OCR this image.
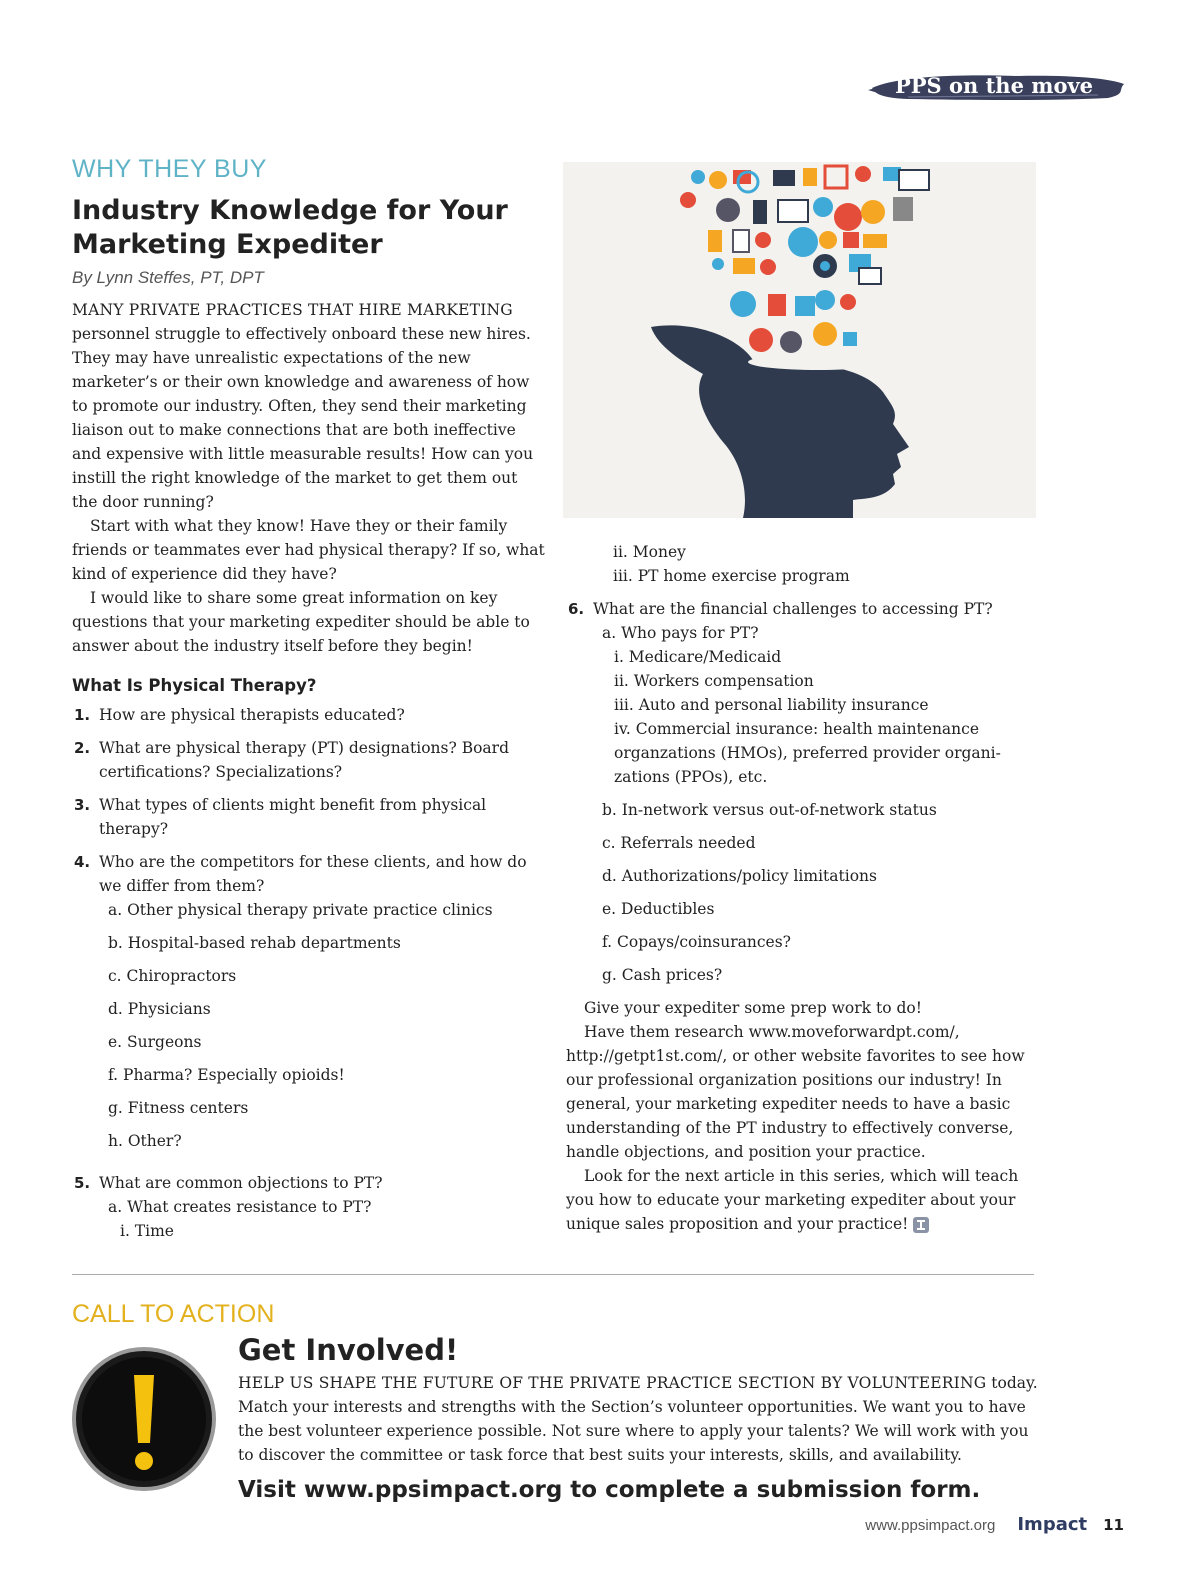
PPS on the move
WHY THEY BUY
Industry Knowledge for Your Marketing Expediter
By Lynn Steffes, PT, DPT

MANY PRIVATE PRACTICES THAT HIRE MARKETING personnel struggle to effectively onboard these new hires. They may have unrealistic expectations of the new marketer’s or their own knowledge and awareness of how to promote our industry. Often, they send their marketing liaison out to make connections that are both ineffective and expensive with little measurable results! How can you instill the right knowledge of the market to get them out the door running?

Start with what they know! Have they or their family friends or teammates ever had physical therapy? If so, what kind of experience did they have?

I would like to share some great information on key questions that your marketing expediter should be able to answer about the industry itself before they begin!

What Is Physical Therapy?
1. How are physical therapists educated?
2. What are physical therapy (PT) designations? Board certifications? Specializations?
3. What types of clients might benefit from physical therapy?
4. Who are the competitors for these clients, and how do we differ from them?
a. Other physical therapy private practice clinics
b. Hospital-based rehab departments
c. Chiropractors
d. Physicians
e. Surgeons
f. Pharma? Especially opioids!
g. Fitness centers
h. Other?
5. What are common objections to PT?
a. What creates resistance to PT?
i. Time
ii. Money
iii. PT home exercise program
6. What are the financial challenges to accessing PT?
a. Who pays for PT?
i. Medicare/Medicaid
ii. Workers compensation
iii. Auto and personal liability insurance
iv. Commercial insurance: health maintenance organzations (HMOs), preferred provider organi-zations (PPOs), etc.
b. In-network versus out-of-network status
c. Referrals needed
d. Authorizations/policy limitations
e. Deductibles
f. Copays/coinsurances?
g. Cash prices?

Give your expediter some prep work to do!

Have them research www.moveforwardpt.com/, http://getpt1st.com/, or other website favorites to see how our professional organization positions our industry! In general, your marketing expediter needs to have a basic understanding of the PT industry to effectively converse, handle objections, and position your practice.

Look for the next article in this series, which will teach you how to educate your marketing expediter about your unique sales proposition and your practice!

CALL TO ACTION
Get Involved!

HELP US SHAPE THE FUTURE OF THE PRIVATE PRACTICE SECTION BY VOLUNTEERING today. Match your interests and strengths with the Section’s volunteer opportunities. We want you to have the best volunteer experience possible. Not sure where to apply your talents? We will work with you to discover the committee or task force that best suits your interests, skills, and availability.

Visit www.ppsimpact.org to complete a submission form.
www.ppsimpact.org Impact 11
